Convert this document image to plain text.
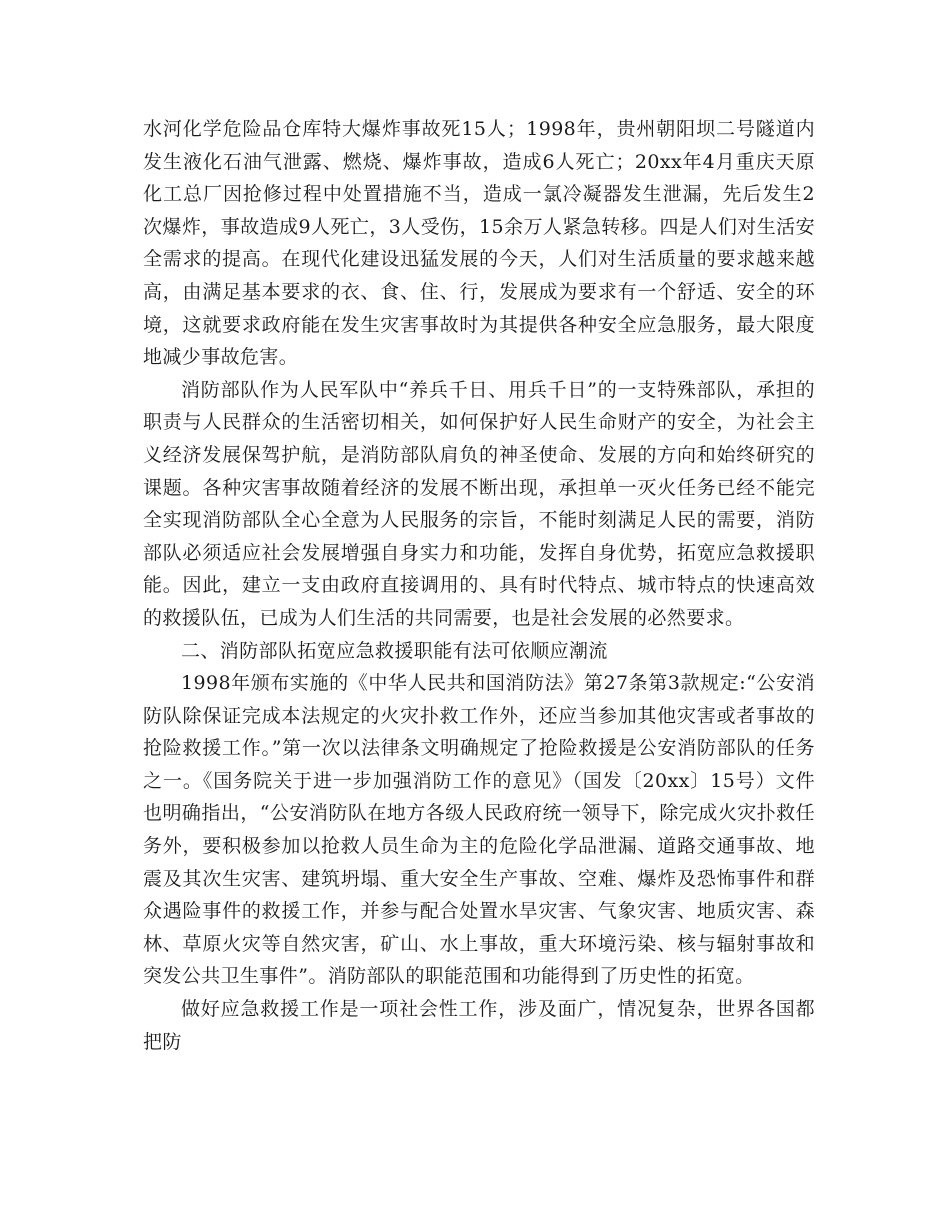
水河化学危险品仓库特大爆炸事故死15人；1998年，贵州朝阳坝二号隧道内发生液化石油气泄露、燃烧、爆炸事故，造成6人死亡；20xx年4月重庆天原化工总厂因抢修过程中处置措施不当，造成一氯冷凝器发生泄漏，先后发生2次爆炸，事故造成9人死亡，3人受伤，15余万人紧急转移。四是人们对生活安全需求的提高。在现代化建设迅猛发展的今天，人们对生活质量的要求越来越高，由满足基本要求的衣、食、住、行，发展成为要求有一个舒适、安全的环境，这就要求政府能在发生灾害事故时为其提供各种安全应急服务，最大限度地减少事故危害。

消防部队作为人民军队中“养兵千日、用兵千日”的一支特殊部队，承担的职责与人民群众的生活密切相关，如何保护好人民生命财产的安全，为社会主义经济发展保驾护航，是消防部队肩负的神圣使命、发展的方向和始终研究的课题。各种灾害事故随着经济的发展不断出现，承担单一灭火任务已经不能完全实现消防部队全心全意为人民服务的宗旨，不能时刻满足人民的需要，消防部队必须适应社会发展增强自身实力和功能，发挥自身优势，拓宽应急救援职能。因此，建立一支由政府直接调用的、具有时代特点、城市特点的快速高效的救援队伍，已成为人们生活的共同需要，也是社会发展的必然要求。

二、消防部队拓宽应急救援职能有法可依顺应潮流

1998年颁布实施的《中华人民共和国消防法》第27条第3款规定:“公安消防队除保证完成本法规定的火灾扑救工作外，还应当参加其他灾害或者事故的抢险救援工作。”第一次以法律条文明确规定了抢险救援是公安消防部队的任务之一。《国务院关于进一步加强消防工作的意见》（国发〔20xx〕15号）文件也明确指出，“公安消防队在地方各级人民政府统一领导下，除完成火灾扑救任务外，要积极参加以抢救人员生命为主的危险化学品泄漏、道路交通事故、地震及其次生灾害、建筑坍塌、重大安全生产事故、空难、爆炸及恐怖事件和群众遇险事件的救援工作，并参与配合处置水旱灾害、气象灾害、地质灾害、森林、草原火灾等自然灾害，矿山、水上事故，重大环境污染、核与辐射事故和突发公共卫生事件”。消防部队的职能范围和功能得到了历史性的拓宽。

做好应急救援工作是一项社会性工作，涉及面广，情况复杂，世界各国都把防
